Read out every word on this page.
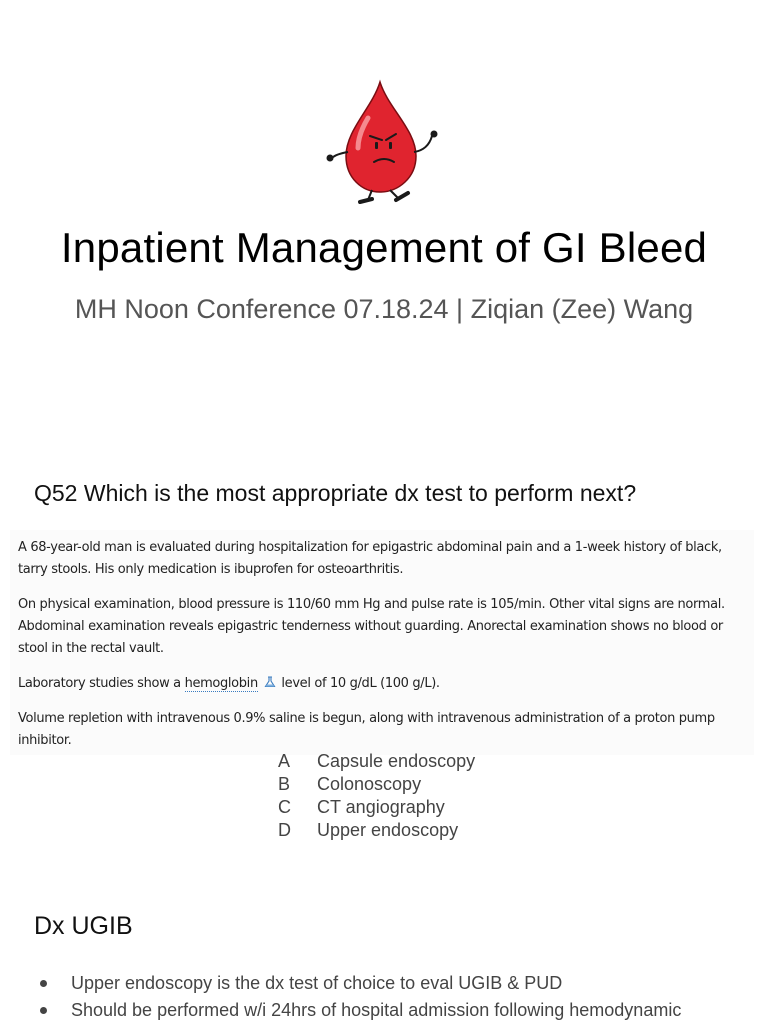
Inpatient Management of GI Bleed
MH Noon Conference 07.18.24 | Ziqian (Zee) Wang
Q52 Which is the most appropriate dx test to perform next?
A 68-year-old man is evaluated during hospitalization for epigastric abdominal pain and a 1-week history of black, tarry stools. His only medication is ibuprofen for osteoarthritis.
On physical examination, blood pressure is 110/60 mm Hg and pulse rate is 105/min. Other vital signs are normal. Abdominal examination reveals epigastric tenderness without guarding. Anorectal examination shows no blood or stool in the rectal vault.
Laboratory studies show a hemoglobin  level of 10 g/dL (100 g/L).
Volume repletion with intravenous 0.9% saline is begun, along with intravenous administration of a proton pump inhibitor.
A Capsule endoscopy
B Colonoscopy
C CT angiography
D Upper endoscopy
Dx UGIB
Upper endoscopy is the dx test of choice to eval UGIB & PUD
Should be performed w/i 24hrs of hospital admission following hemodynamic
